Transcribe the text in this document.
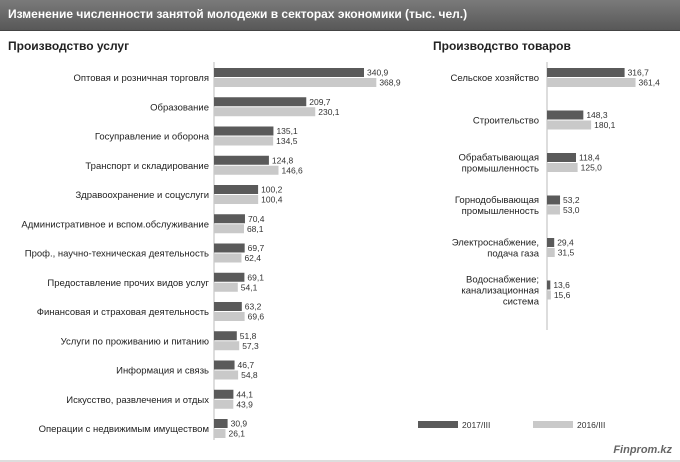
Изменение численности занятой молодежи в секторах экономики (тыс. чел.)
Производство услуг	Производство товаров
Оптовая и розничная торговля
340,9
368,9
Образование
209,7
230,1
Госуправление и оборона
135,1
134,5
Транспорт и складирование
124,8
146,6
Здравоохранение и соцуслуги
100,2
100,4
Административное и вспом.обслуживание
70,4
68,1
Проф., научно-техническая деятельность
69,7
62,4
Предоставление прочих видов услуг
69,1
54,1
Финансовая и страховая деятельность
63,2
69,6
Услуги по проживанию и питанию
51,8
57,3
Информация и связь
46,7
54,8
Искусство, развлечения и отдых
44,1
43,9
Операции с недвижимым имуществом
30,9
26,1
Сельское хозяйство
316,7
361,4
Строительство
148,3
180,1
Обрабатывающая
промышленность
118,4
125,0
Горнодобывающая
промышленность
53,2
53,0
Электроснабжение,
подача газа
29,4
31,5
Водоснабжение;
канализационная
система
13,6
15,6
2017/III	2016/III
Finprom.kz
